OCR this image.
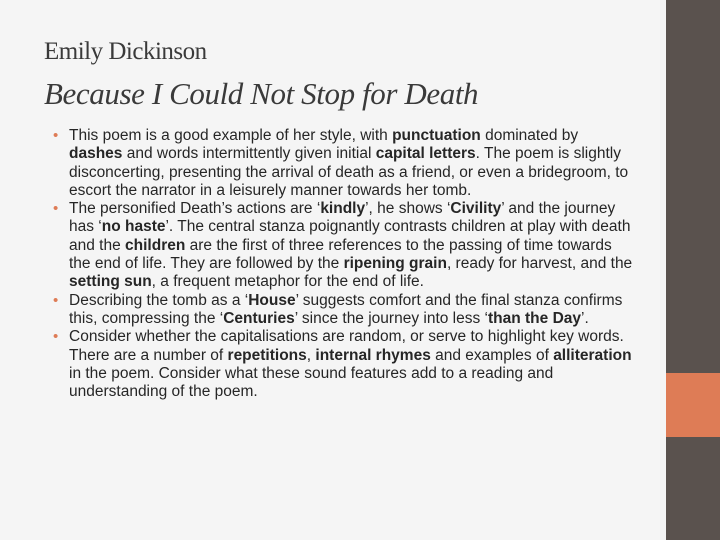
Emily Dickinson
Because I Could Not Stop for Death
• This poem is a good example of her style, with punctuation dominated by dashes and words intermittently given initial capital letters. The poem is slightly disconcerting, presenting the arrival of death as a friend, or even a bridegroom, to escort the narrator in a leisurely manner towards her tomb.
• The personified Death’s actions are ‘kindly’, he shows ‘Civility’ and the journey has ‘no haste’. The central stanza poignantly contrasts children at play with death and the children are the first of three references to the passing of time towards the end of life. They are followed by the ripening grain, ready for harvest, and the setting sun, a frequent metaphor for the end of life.
• Describing the tomb as a ‘House’ suggests comfort and the final stanza confirms this, compressing the ‘Centuries’ since the journey into less ‘than the Day’.
• Consider whether the capitalisations are random, or serve to highlight key words. There are a number of repetitions, internal rhymes and examples of alliteration in the poem. Consider what these sound features add to a reading and understanding of the poem.
